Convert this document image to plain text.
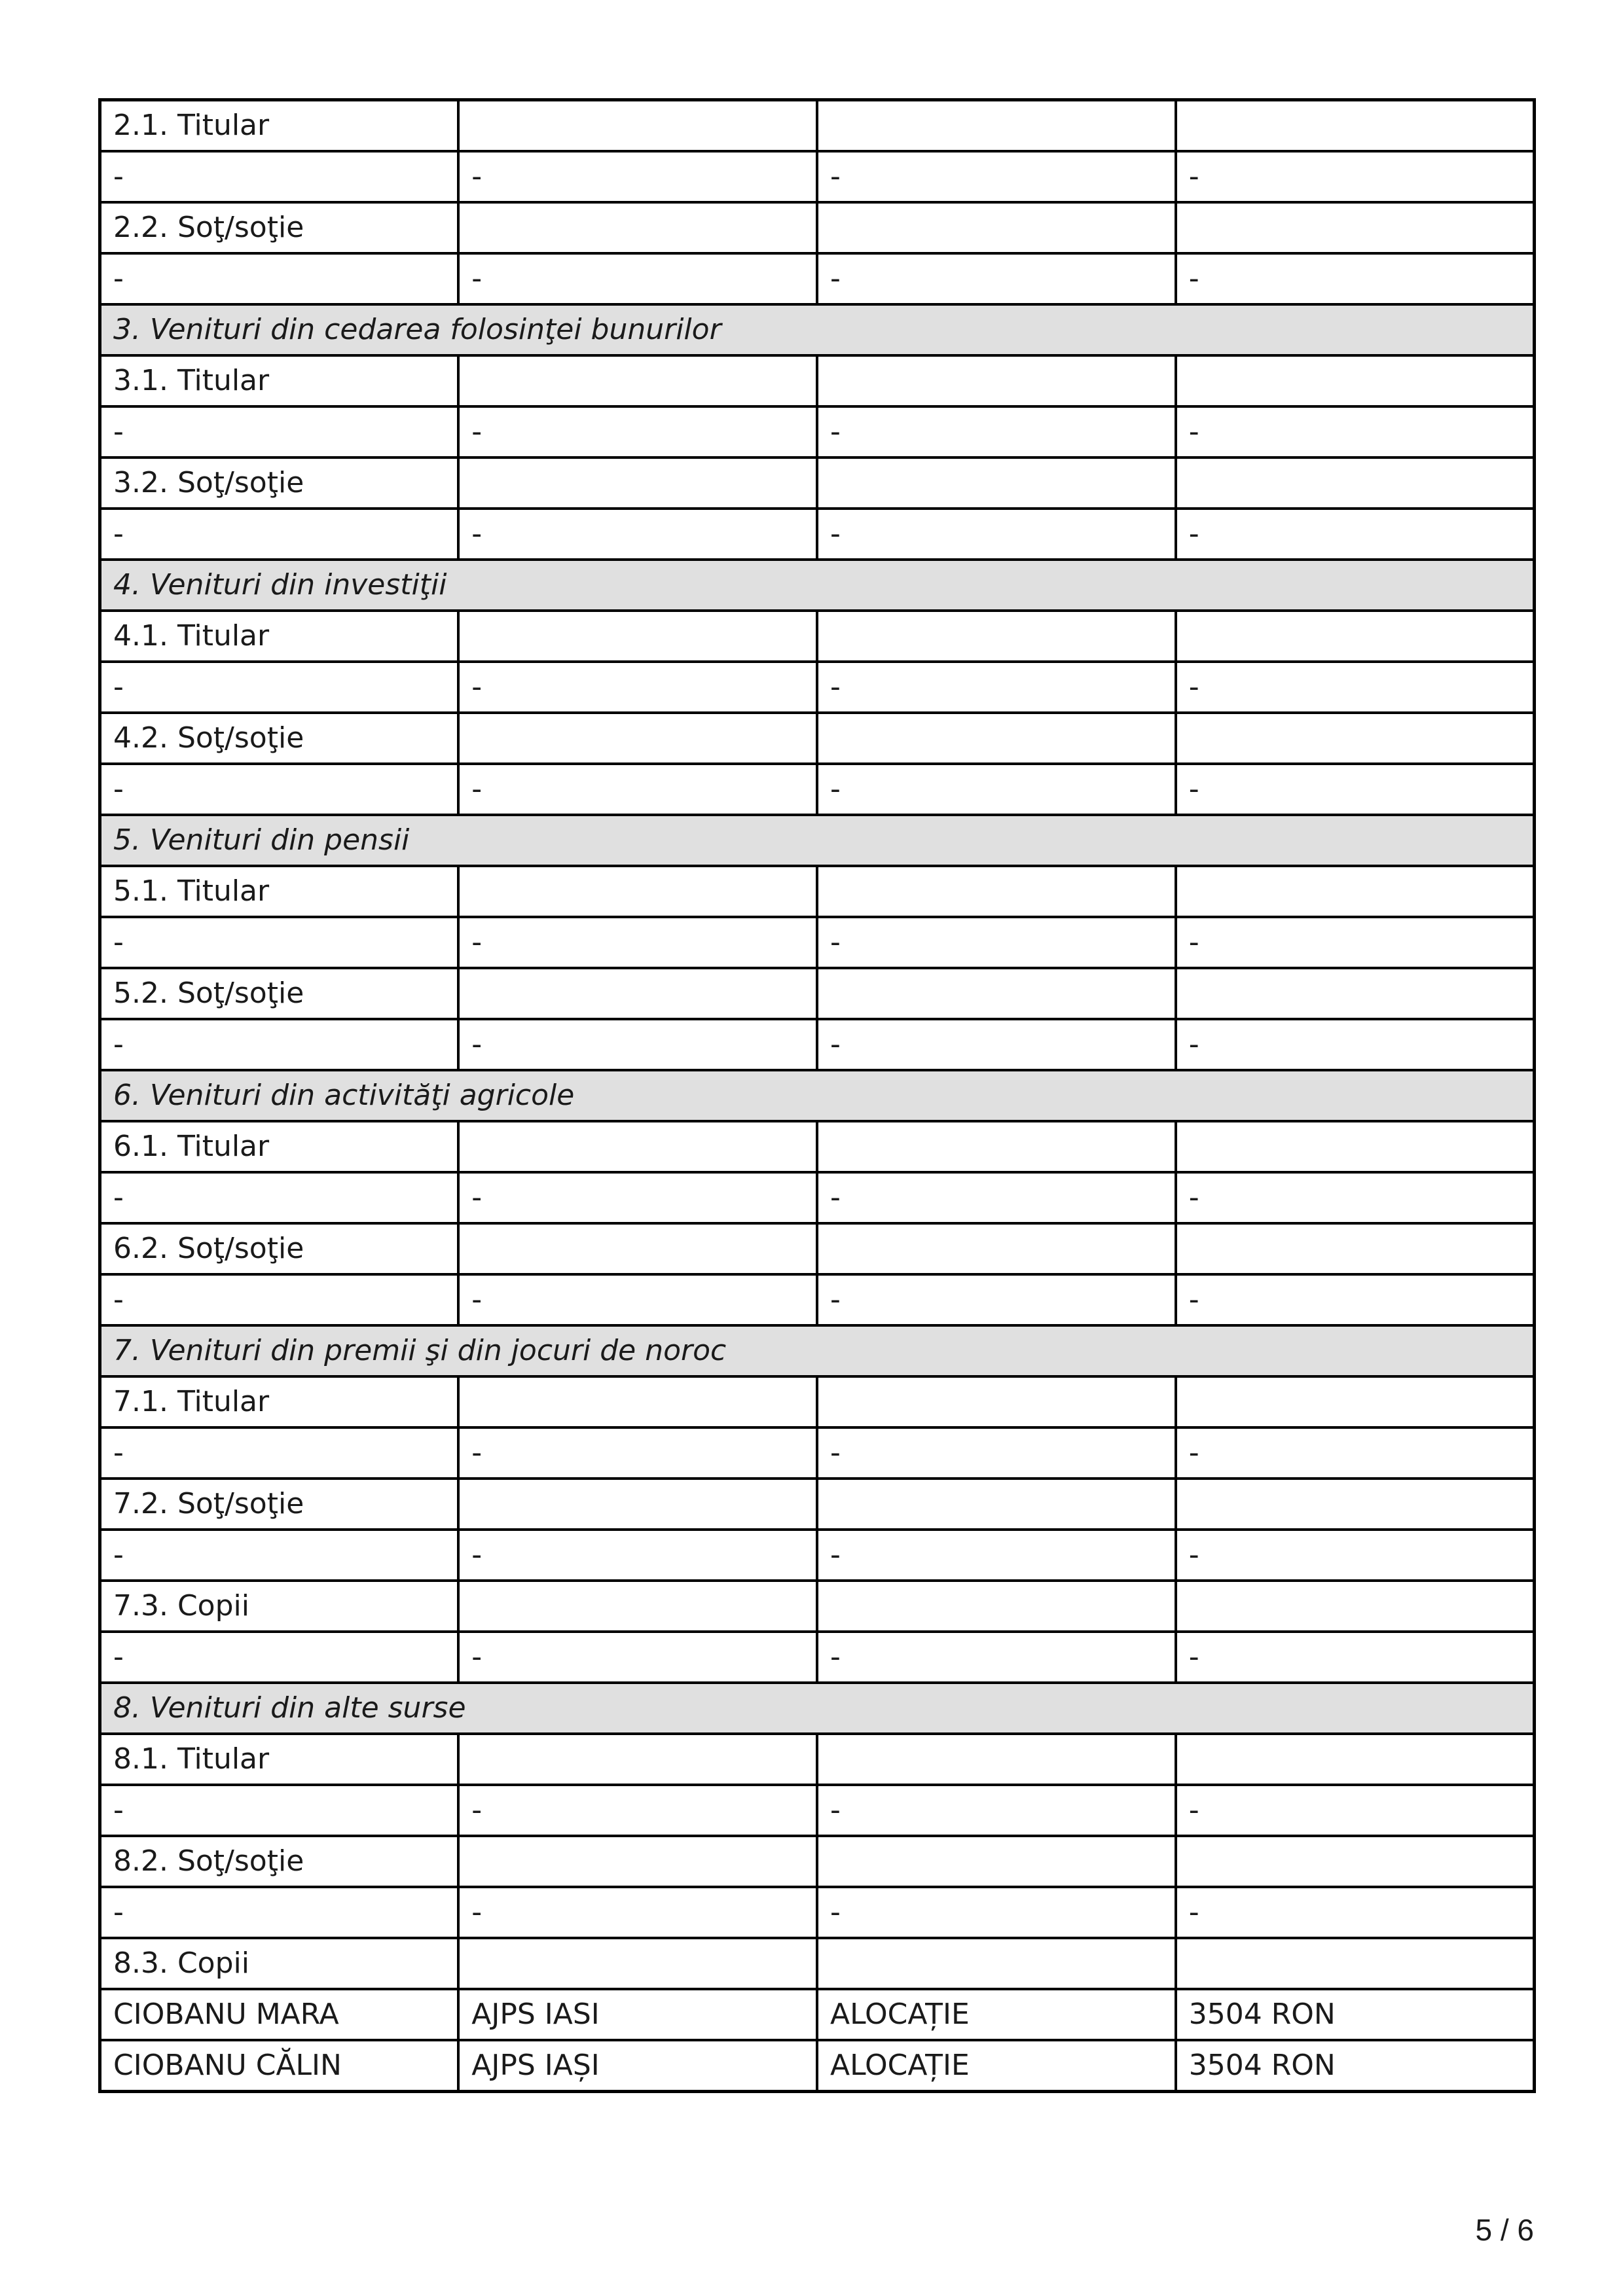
2.1. Titular			
-	-	-	-
2.2. Soţ/soţie			
-	-	-	-
3. Venituri din cedarea folosinţei bunurilor			
3.1. Titular			
-	-	-	-
3.2. Soţ/soţie			
-	-	-	-
4. Venituri din investiţii			
4.1. Titular			
-	-	-	-
4.2. Soţ/soţie			
-	-	-	-
5. Venituri din pensii			
5.1. Titular			
-	-	-	-
5.2. Soţ/soţie			
-	-	-	-
6. Venituri din activităţi agricole			
6.1. Titular			
-	-	-	-
6.2. Soţ/soţie			
-	-	-	-
7. Venituri din premii şi din jocuri de noroc			
7.1. Titular			
-	-	-	-
7.2. Soţ/soţie			
-	-	-	-
7.3. Copii			
-	-	-	-
8. Venituri din alte surse			
8.1. Titular			
-	-	-	-
8.2. Soţ/soţie			
-	-	-	-
8.3. Copii			
CIOBANU MARA	AJPS IASI	ALOCAȚIE	3504 RON
CIOBANU CĂLIN	AJPS IAȘI	ALOCAȚIE	3504 RON
5 / 6
